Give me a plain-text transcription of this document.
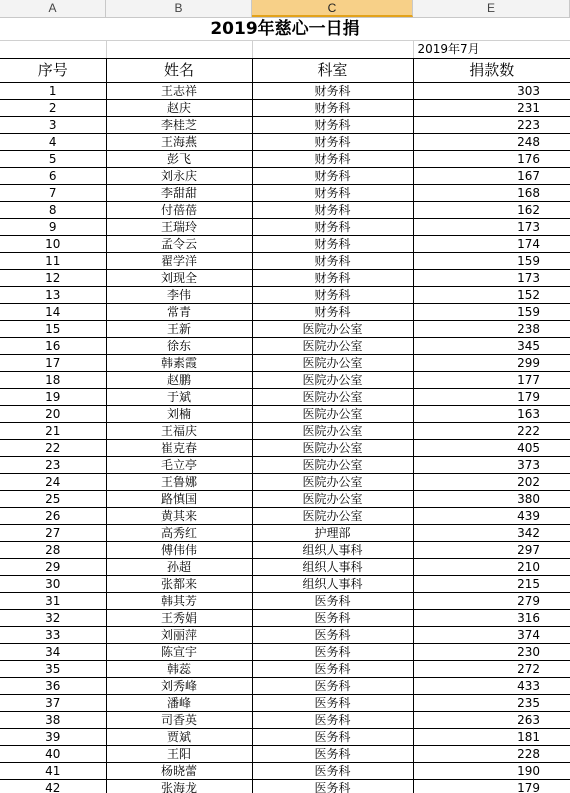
A	B	C	E
2019年慈心一日捐			
			2019年7月
序号	姓名	科室	捐款数
1	王志祥	财务科	303
2	赵庆	财务科	231
3	李桂芝	财务科	223
4	王海燕	财务科	248
5	彭飞	财务科	176
6	刘永庆	财务科	167
7	李甜甜	财务科	168
8	付蓓蓓	财务科	162
9	王瑞玲	财务科	173
10	孟令云	财务科	174
11	翟学洋	财务科	159
12	刘现全	财务科	173
13	李伟	财务科	152
14	常青	财务科	159
15	王新	医院办公室	238
16	徐东	医院办公室	345
17	韩素霞	医院办公室	299
18	赵鹏	医院办公室	177
19	于斌	医院办公室	179
20	刘楠	医院办公室	163
21	王福庆	医院办公室	222
22	崔克春	医院办公室	405
23	毛立亭	医院办公室	373
24	王鲁娜	医院办公室	202
25	路慎国	医院办公室	380
26	黄其来	医院办公室	439
27	高秀红	护理部	342
28	傅伟伟	组织人事科	297
29	孙超	组织人事科	210
30	张都来	组织人事科	215
31	韩其芳	医务科	279
32	王秀娟	医务科	316
33	刘丽萍	医务科	374
34	陈宣宇	医务科	230
35	韩蕊	医务科	272
36	刘秀峰	医务科	433
37	潘峰	医务科	235
38	司香英	医务科	263
39	贾斌	医务科	181
40	王阳	医务科	228
41	杨晓蕾	医务科	190
42	张海龙	医务科	179
